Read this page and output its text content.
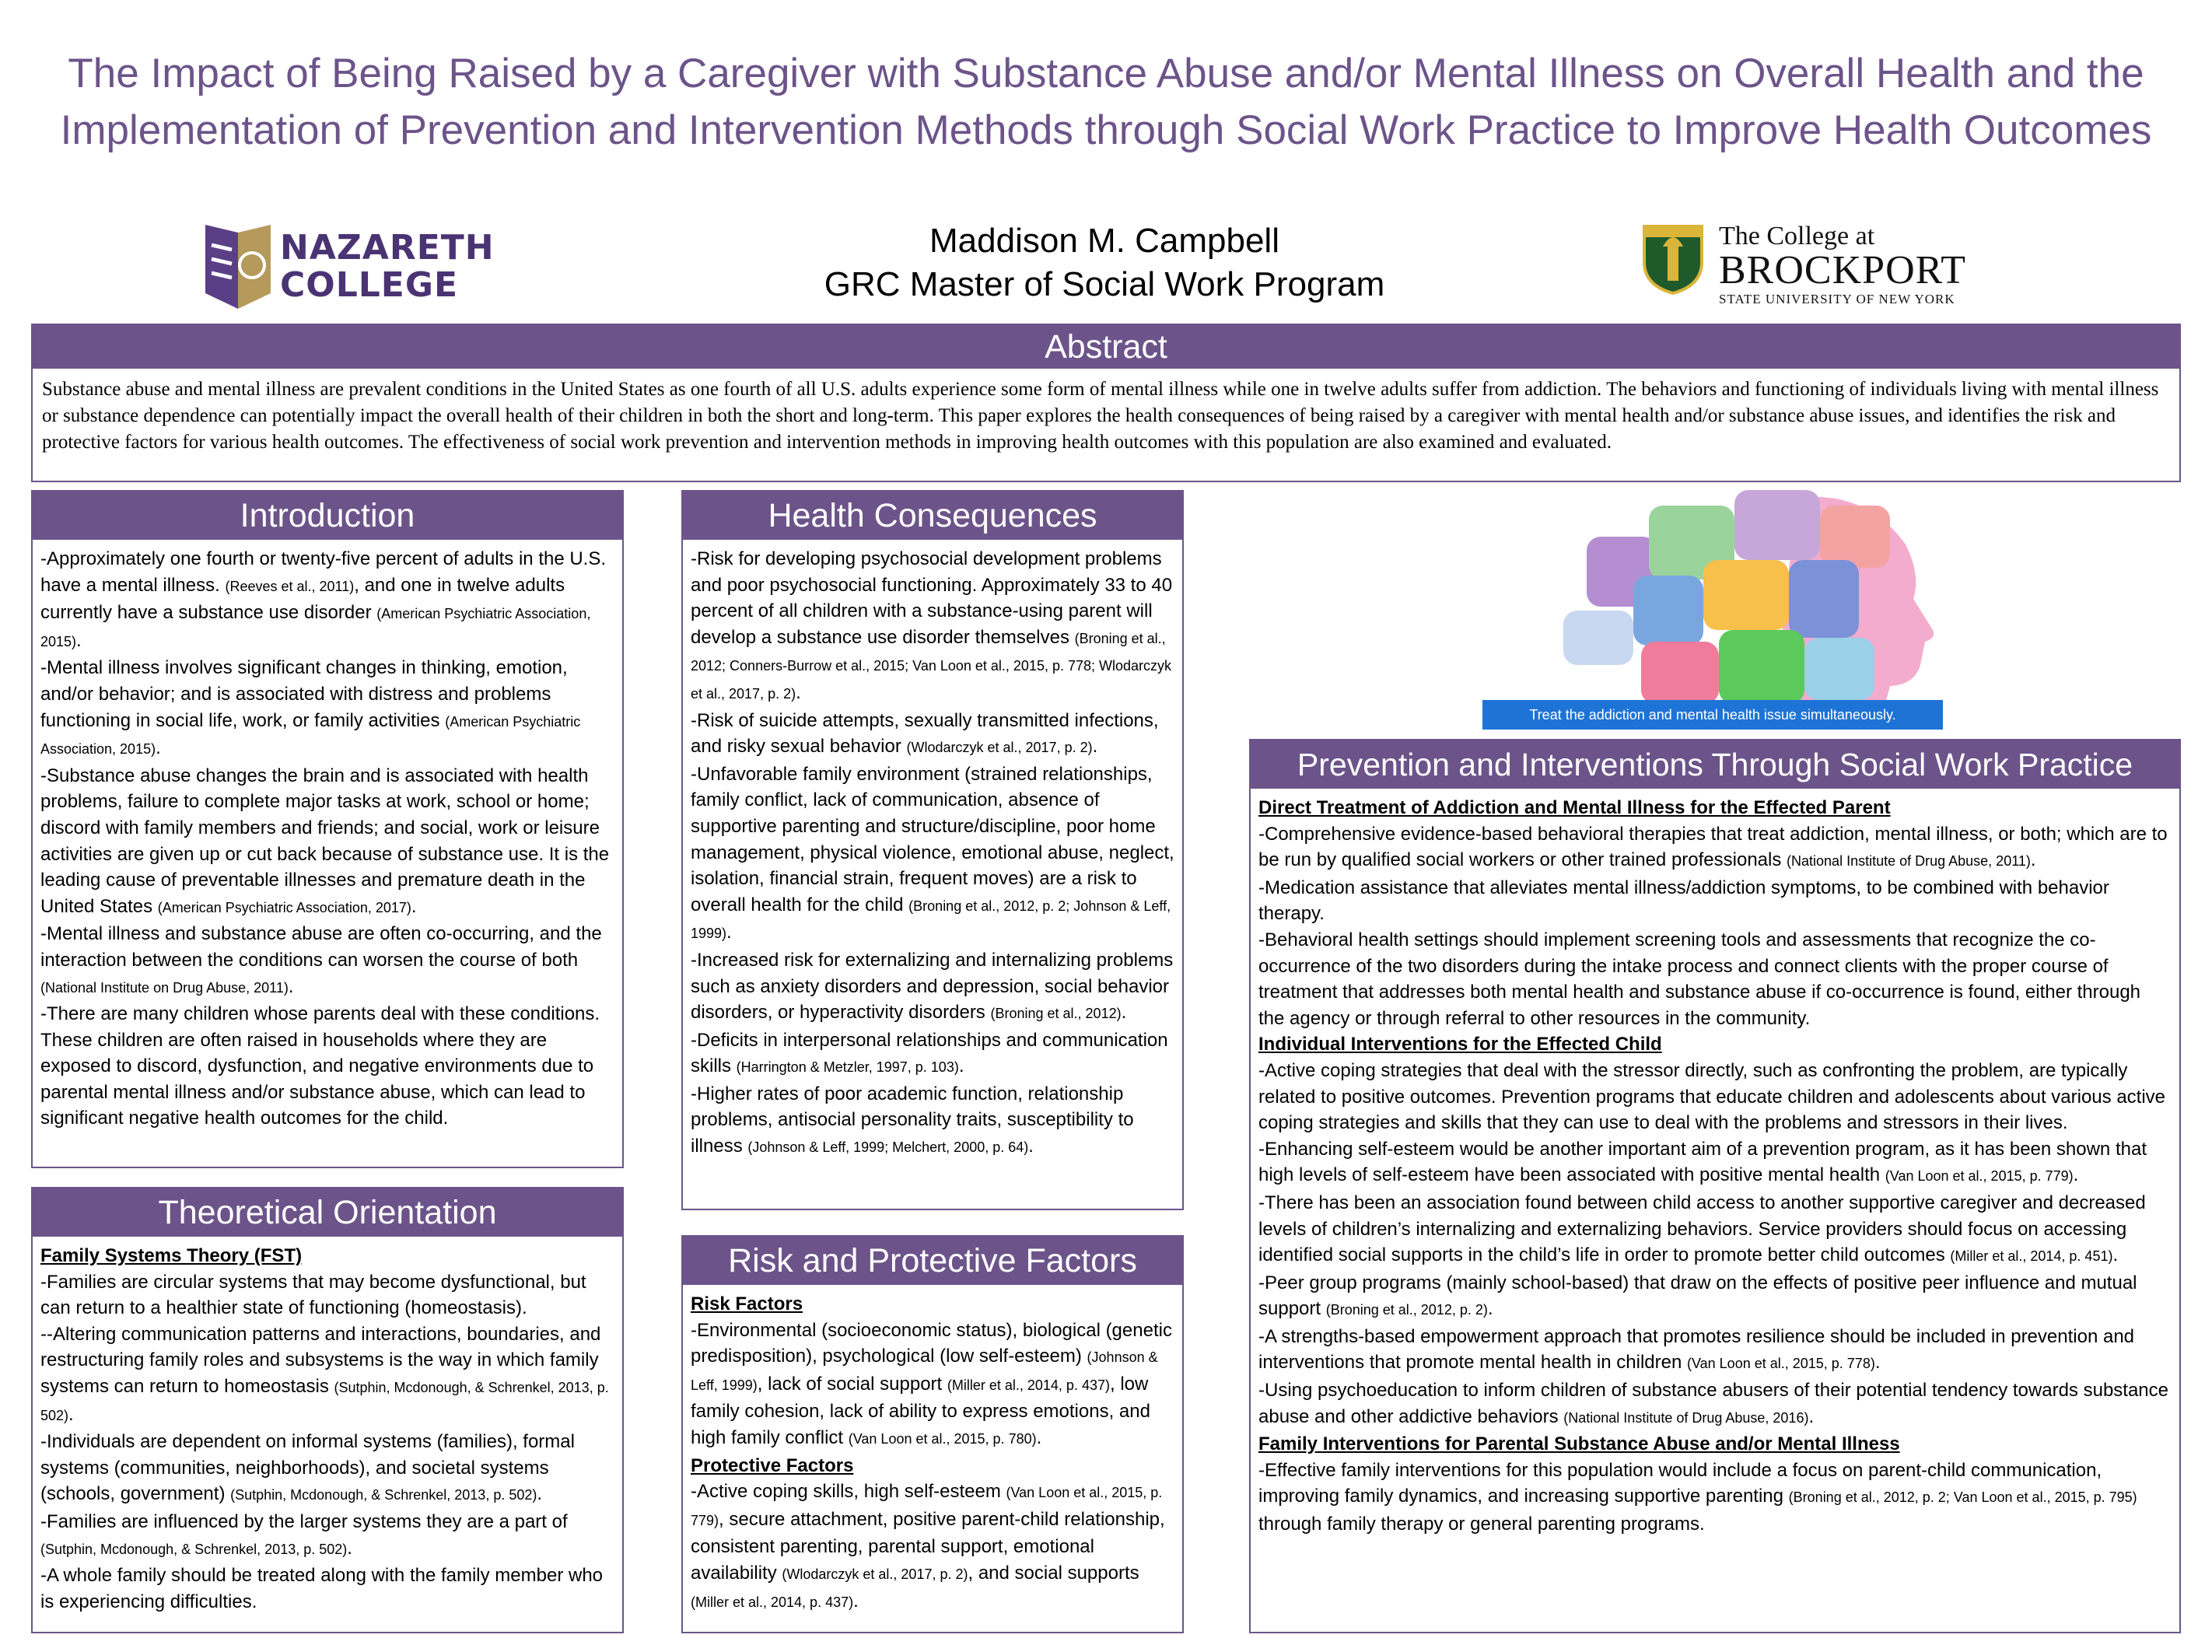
The Impact of Being Raised by a Caregiver with Substance Abuse and/or Mental Illness on Overall Health and the Implementation of Prevention and Intervention Methods through Social Work Practice to Improve Health Outcomes
NAZARETH
COLLEGE
Maddison M. Campbell
GRC Master of Social Work Program
The College at
BROCKPORT
STATE UNIVERSITY OF NEW YORK
Abstract
Substance abuse and mental illness are prevalent conditions in the United States as one fourth of all U.S. adults experience some form of mental illness while one in twelve adults suffer from addiction. The behaviors and functioning of individuals living with mental illness or substance dependence can potentially impact the overall health of their children in both the short and long-term. This paper explores the health consequences of being raised by a caregiver with mental health and/or substance abuse issues, and identifies the risk and protective factors for various health outcomes. The effectiveness of social work prevention and intervention methods in improving health outcomes with this population are also examined and evaluated.
Introduction

-Approximately one fourth or twenty-five percent of adults in the U.S. have a mental illness. (Reeves et al., 2011), and one in twelve adults currently have a substance use disorder (American Psychiatric Association, 2015).

-Mental illness involves significant changes in thinking, emotion, and/or behavior; and is associated with distress and problems functioning in social life, work, or family activities (American Psychiatric Association, 2015).

-Substance abuse changes the brain and is associated with health problems, failure to complete major tasks at work, school or home; discord with family members and friends; and social, work or leisure activities are given up or cut back because of substance use. It is the leading cause of preventable illnesses and premature death in the United States (American Psychiatric Association, 2017).

-Mental illness and substance abuse are often co-occurring, and the interaction between the conditions can worsen the course of both (National Institute on Drug Abuse, 2011).

-There are many children whose parents deal with these conditions. These children are often raised in households where they are exposed to discord, dysfunction, and negative environments due to parental mental illness and/or substance abuse, which can lead to significant negative health outcomes for the child.

Theoretical Orientation

Family Systems Theory (FST)

-Families are circular systems that may become dysfunctional, but can return to a healthier state of functioning (homeostasis).

--Altering communication patterns and interactions, boundaries, and restructuring family roles and subsystems is the way in which family systems can return to homeostasis (Sutphin, Mcdonough, & Schrenkel, 2013, p. 502).

-Individuals are dependent on informal systems (families), formal systems (communities, neighborhoods), and societal systems (schools, government) (Sutphin, Mcdonough, & Schrenkel, 2013, p. 502).

-Families are influenced by the larger systems they are a part of (Sutphin, Mcdonough, & Schrenkel, 2013, p. 502).

-A whole family should be treated along with the family member who is experiencing difficulties.

Health Consequences

-Risk for developing psychosocial development problems and poor psychosocial functioning. Approximately 33 to 40 percent of all children with a substance-using parent will develop a substance use disorder themselves (Broning et al., 2012; Conners-Burrow et al., 2015; Van Loon et al., 2015, p. 778; Wlodarczyk et al., 2017, p. 2).

-Risk of suicide attempts, sexually transmitted infections, and risky sexual behavior (Wlodarczyk et al., 2017, p. 2).

-Unfavorable family environment (strained relationships, family conflict, lack of communication, absence of supportive parenting and structure/discipline, poor home management, physical violence, emotional abuse, neglect, isolation, financial strain, frequent moves) are a risk to overall health for the child (Broning et al., 2012, p. 2; Johnson & Leff, 1999).

-Increased risk for externalizing and internalizing problems such as anxiety disorders and depression, social behavior disorders, or hyperactivity disorders (Broning et al., 2012).

-Deficits in interpersonal relationships and communication skills (Harrington & Metzler, 1997, p. 103).

-Higher rates of poor academic function, relationship problems, antisocial personality traits, susceptibility to illness (Johnson & Leff, 1999; Melchert, 2000, p. 64).

Risk and Protective Factors

Risk Factors

-Environmental (socioeconomic status), biological (genetic predisposition), psychological (low self-esteem) (Johnson & Leff, 1999), lack of social support (Miller et al., 2014, p. 437), low family cohesion, lack of ability to express emotions, and high family conflict (Van Loon et al., 2015, p. 780).

Protective Factors

-Active coping skills, high self-esteem (Van Loon et al., 2015, p. 779), secure attachment, positive parent-child relationship, consistent parenting, parental support, emotional availability (Wlodarczyk et al., 2017, p. 2), and social supports (Miller et al., 2014, p. 437).

Treat the addiction and mental health issue simultaneously.
Prevention and Interventions Through Social Work Practice

Direct Treatment of Addiction and Mental Illness for the Effected Parent

-Comprehensive evidence-based behavioral therapies that treat addiction, mental illness, or both; which are to be run by qualified social workers or other trained professionals (National Institute of Drug Abuse, 2011).

-Medication assistance that alleviates mental illness/addiction symptoms, to be combined with behavior therapy.

-Behavioral health settings should implement screening tools and assessments that recognize the co-occurrence of the two disorders during the intake process and connect clients with the proper course of treatment that addresses both mental health and substance abuse if co-occurrence is found, either through the agency or through referral to other resources in the community.

Individual Interventions for the Effected Child

-Active coping strategies that deal with the stressor directly, such as confronting the problem, are typically related to positive outcomes. Prevention programs that educate children and adolescents about various active coping strategies and skills that they can use to deal with the problems and stressors in their lives.

-Enhancing self-esteem would be another important aim of a prevention program, as it has been shown that high levels of self-esteem have been associated with positive mental health (Van Loon et al., 2015, p. 779).

-There has been an association found between child access to another supportive caregiver and decreased levels of children’s internalizing and externalizing behaviors. Service providers should focus on accessing identified social supports in the child’s life in order to promote better child outcomes (Miller et al., 2014, p. 451).

-Peer group programs (mainly school-based) that draw on the effects of positive peer influence and mutual support (Broning et al., 2012, p. 2).

-A strengths-based empowerment approach that promotes resilience should be included in prevention and interventions that promote mental health in children (Van Loon et al., 2015, p. 778).

-Using psychoeducation to inform children of substance abusers of their potential tendency towards substance abuse and other addictive behaviors (National Institute of Drug Abuse, 2016).

Family Interventions for Parental Substance Abuse and/or Mental Illness

-Effective family interventions for this population would include a focus on parent-child communication, improving family dynamics, and increasing supportive parenting (Broning et al., 2012, p. 2; Van Loon et al., 2015, p. 795) through family therapy or general parenting programs.
